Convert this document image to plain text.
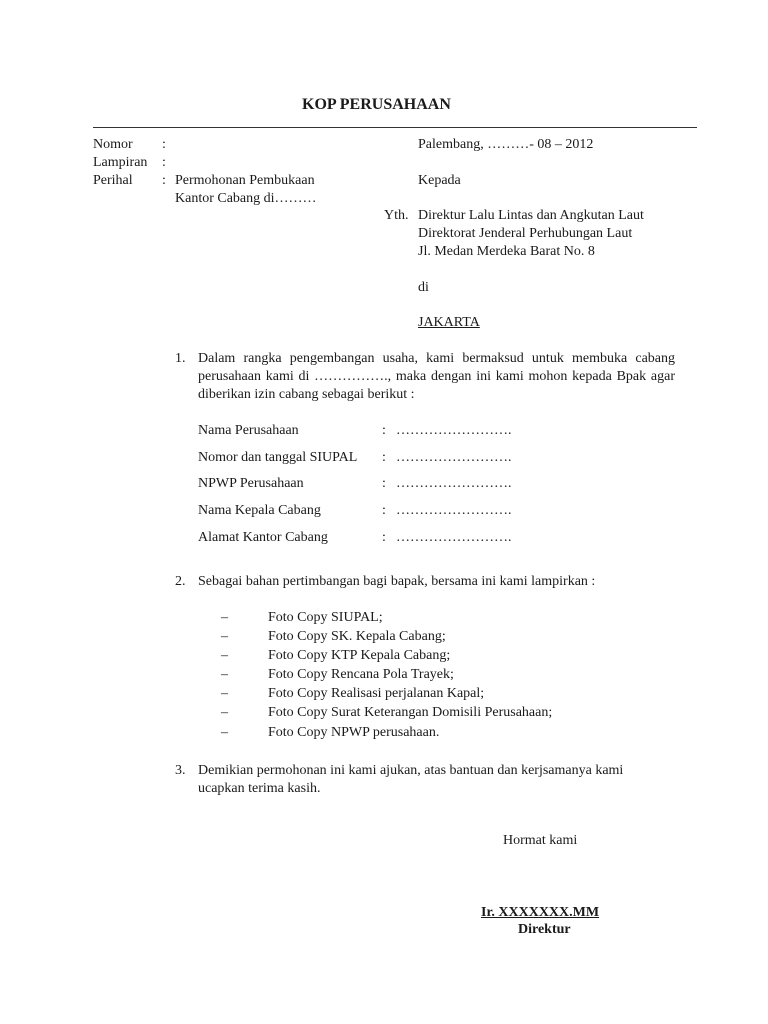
KOP PERUSAHAAN
Nomor :
Lampiran :
Perihal : Permohonan Pembukaan
Kantor Cabang di………
Palembang, ………- 08 – 2012
Kepada
Yth. Direktur Lalu Lintas dan Angkutan Laut
Direktorat Jenderal Perhubungan Laut
Jl. Medan Merdeka Barat No. 8
di
JAKARTA
1. Dalam rangka pengembangan usaha, kami bermaksud untuk membuka cabang perusahaan kami di ……………., maka dengan ini kami mohon kepada Bpak agar diberikan izin cabang sebagai berikut :
Nama Perusahaan	: …………………….
Nomor dan tanggal SIUPAL : …………………….
NPWP Perusahaan	: …………………….
Nama Kepala Cabang	: …………………….
Alamat Kantor Cabang	: …………………….
2. Sebagai bahan pertimbangan bagi bapak, bersama ini kami lampirkan :
–	Foto Copy SIUPAL;
–	Foto Copy SK. Kepala Cabang;
–	Foto Copy KTP Kepala Cabang;
–	Foto Copy Rencana Pola Trayek;
–	Foto Copy Realisasi perjalanan Kapal;
–	Foto Copy Surat Keterangan Domisili Perusahaan;
–	Foto Copy NPWP perusahaan.
3. Demikian permohonan ini kami ajukan, atas bantuan dan kerjsamanya kami
ucapkan terima kasih.
Hormat kami
Ir. XXXXXXX.MM
Direktur
